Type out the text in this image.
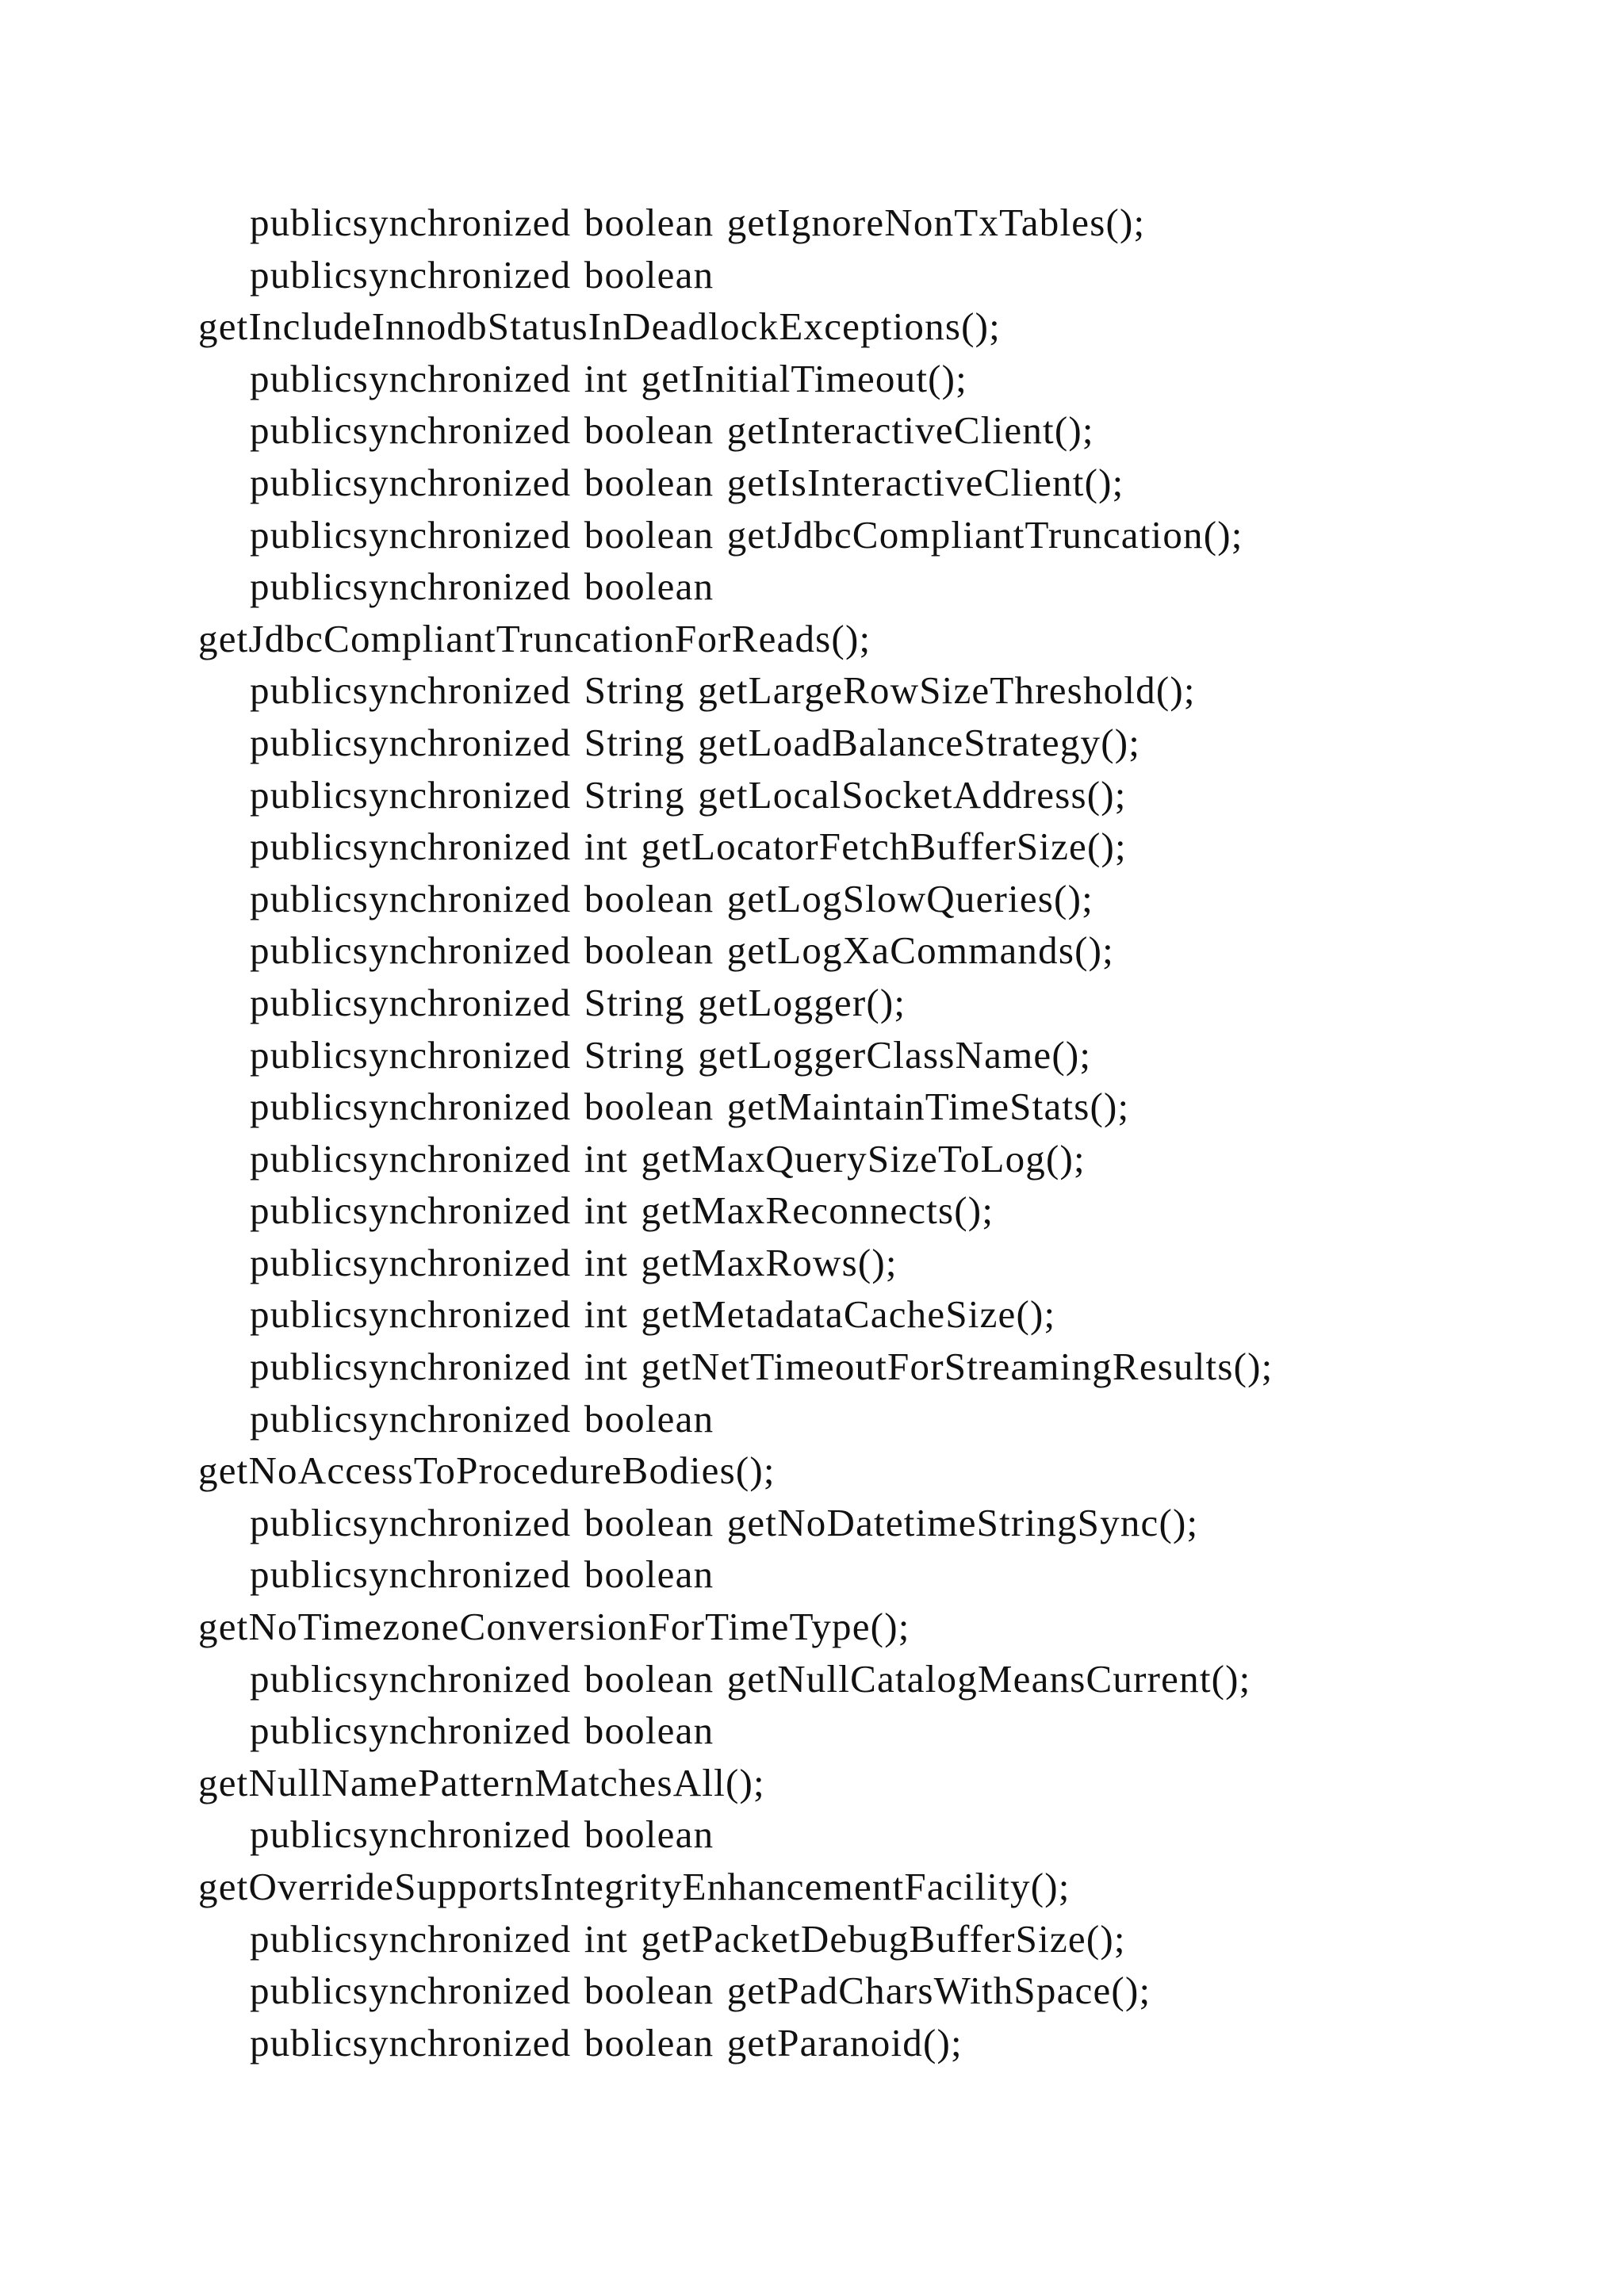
publicsynchronized boolean getIgnoreNonTxTables();
publicsynchronized boolean
getIncludeInnodbStatusInDeadlockExceptions();
publicsynchronized int getInitialTimeout();
publicsynchronized boolean getInteractiveClient();
publicsynchronized boolean getIsInteractiveClient();
publicsynchronized boolean getJdbcCompliantTruncation();
publicsynchronized boolean
getJdbcCompliantTruncationForReads();
publicsynchronized String getLargeRowSizeThreshold();
publicsynchronized String getLoadBalanceStrategy();
publicsynchronized String getLocalSocketAddress();
publicsynchronized int getLocatorFetchBufferSize();
publicsynchronized boolean getLogSlowQueries();
publicsynchronized boolean getLogXaCommands();
publicsynchronized String getLogger();
publicsynchronized String getLoggerClassName();
publicsynchronized boolean getMaintainTimeStats();
publicsynchronized int getMaxQuerySizeToLog();
publicsynchronized int getMaxReconnects();
publicsynchronized int getMaxRows();
publicsynchronized int getMetadataCacheSize();
publicsynchronized int getNetTimeoutForStreamingResults();
publicsynchronized boolean
getNoAccessToProcedureBodies();
publicsynchronized boolean getNoDatetimeStringSync();
publicsynchronized boolean
getNoTimezoneConversionForTimeType();
publicsynchronized boolean getNullCatalogMeansCurrent();
publicsynchronized boolean
getNullNamePatternMatchesAll();
publicsynchronized boolean
getOverrideSupportsIntegrityEnhancementFacility();
publicsynchronized int getPacketDebugBufferSize();
publicsynchronized boolean getPadCharsWithSpace();
publicsynchronized boolean getParanoid();
